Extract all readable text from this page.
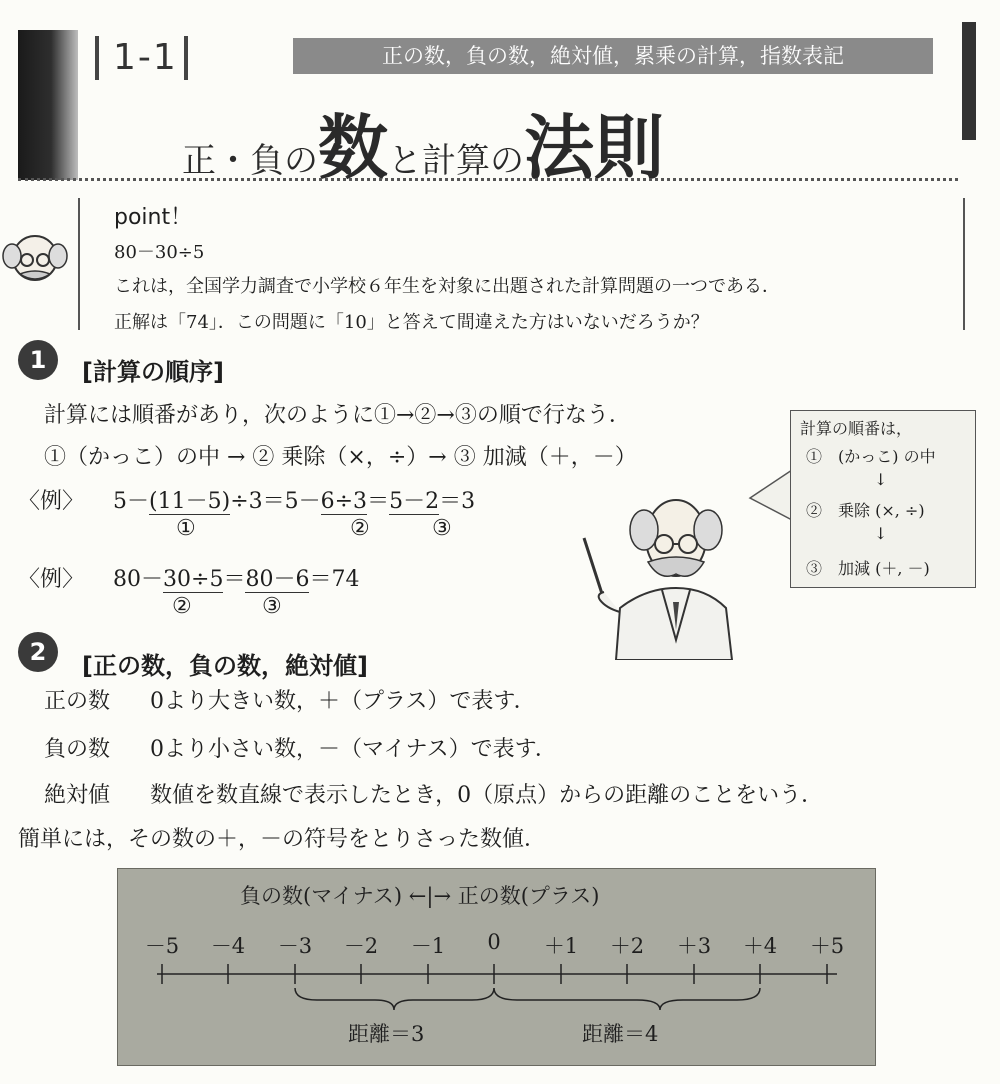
1-1	正の数，負の数，絶対値，累乗の計算，指数表記
正・負の数と計算の法則
point！
80－30÷5
これは，全国学力調査で小学校６年生を対象に出題された計算問題の一つである．
正解は「74」．この問題に「10」と答えて間違えた方はいないだろうか？
1	[計算の順序]
計算には順番があり，次のように①→②→③の順で行なう．
①（かっこ）の中 → ② 乗除（×，÷）→ ③ 加減（＋，－）
〈例〉 5－(11－5)÷3＝5－6÷3＝5－2＝3
①	②	③
〈例〉 80－30÷5＝80－6＝74
②	③
計算の順番は，
①　(かっこ) の中
↓
②　乗除 (×, ÷)
↓
③　加減 (＋, －)
2	[正の数，負の数，絶対値]
正の数 0より大きい数，＋（プラス）で表す．
負の数 0より小さい数，－（マイナス）で表す．
絶対値 数値を数直線で表示したとき，0（原点）からの距離のことをいう．
簡単には，その数の＋，－の符号をとりさった数値．
負の数(マイナス) ←|→ 正の数(プラス)
－5	－4	－3	－2	－1	0	＋1	＋2	＋3	＋4	＋5
距離＝3	距離＝4
